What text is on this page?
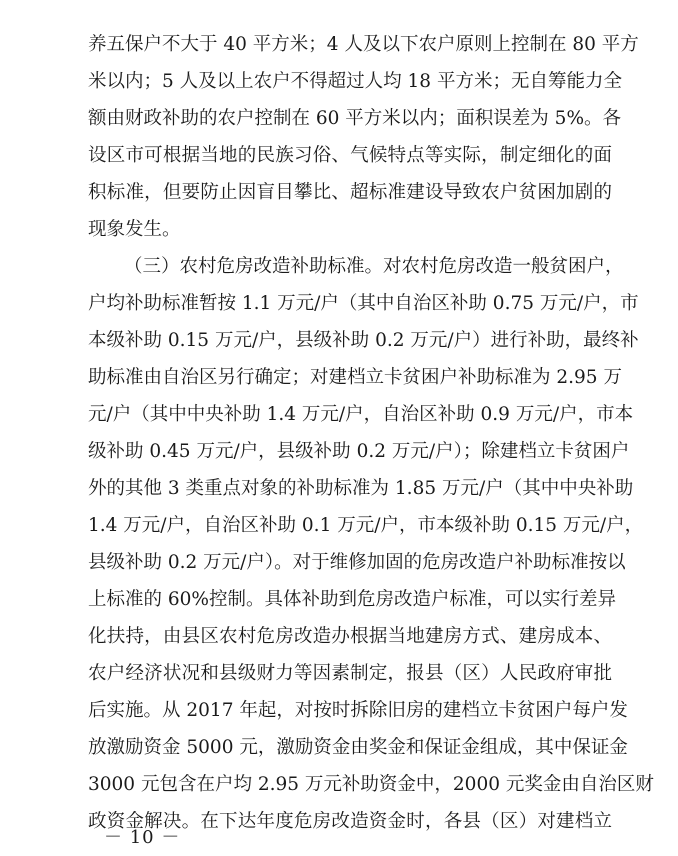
养五保户不大于 40 平方米；4 人及以下农户原则上控制在 80 平方
米以内；5 人及以上农户不得超过人均 18 平方米；无自筹能力全
额由财政补助的农户控制在 60 平方米以内；面积误差为 5%。各
设区市可根据当地的民族习俗、气候特点等实际，制定细化的面
积标准，但要防止因盲目攀比、超标准建设导致农户贫困加剧的
现象发生。
（三）农村危房改造补助标准。对农村危房改造一般贫困户，
户均补助标准暂按 1.1 万元/户（其中自治区补助 0.75 万元/户，市
本级补助 0.15 万元/户，县级补助 0.2 万元/户）进行补助，最终补
助标准由自治区另行确定；对建档立卡贫困户补助标准为 2.95 万
元/户（其中中央补助 1.4 万元/户，自治区补助 0.9 万元/户，市本
级补助 0.45 万元/户，县级补助 0.2 万元/户）；除建档立卡贫困户
外的其他 3 类重点对象的补助标准为 1.85 万元/户（其中中央补助
1.4 万元/户，自治区补助 0.1 万元/户，市本级补助 0.15 万元/户，
县级补助 0.2 万元/户）。对于维修加固的危房改造户补助标准按以
上标准的 60%控制。具体补助到危房改造户标准，可以实行差异
化扶持，由县区农村危房改造办根据当地建房方式、建房成本、
农户经济状况和县级财力等因素制定，报县（区）人民政府审批
后实施。从 2017 年起，对按时拆除旧房的建档立卡贫困户每户发
放激励资金 5000 元，激励资金由奖金和保证金组成，其中保证金
3000 元包含在户均 2.95 万元补助资金中，2000 元奖金由自治区财
政资金解决。在下达年度危房改造资金时，各县（区）对建档立
－ 10 －
